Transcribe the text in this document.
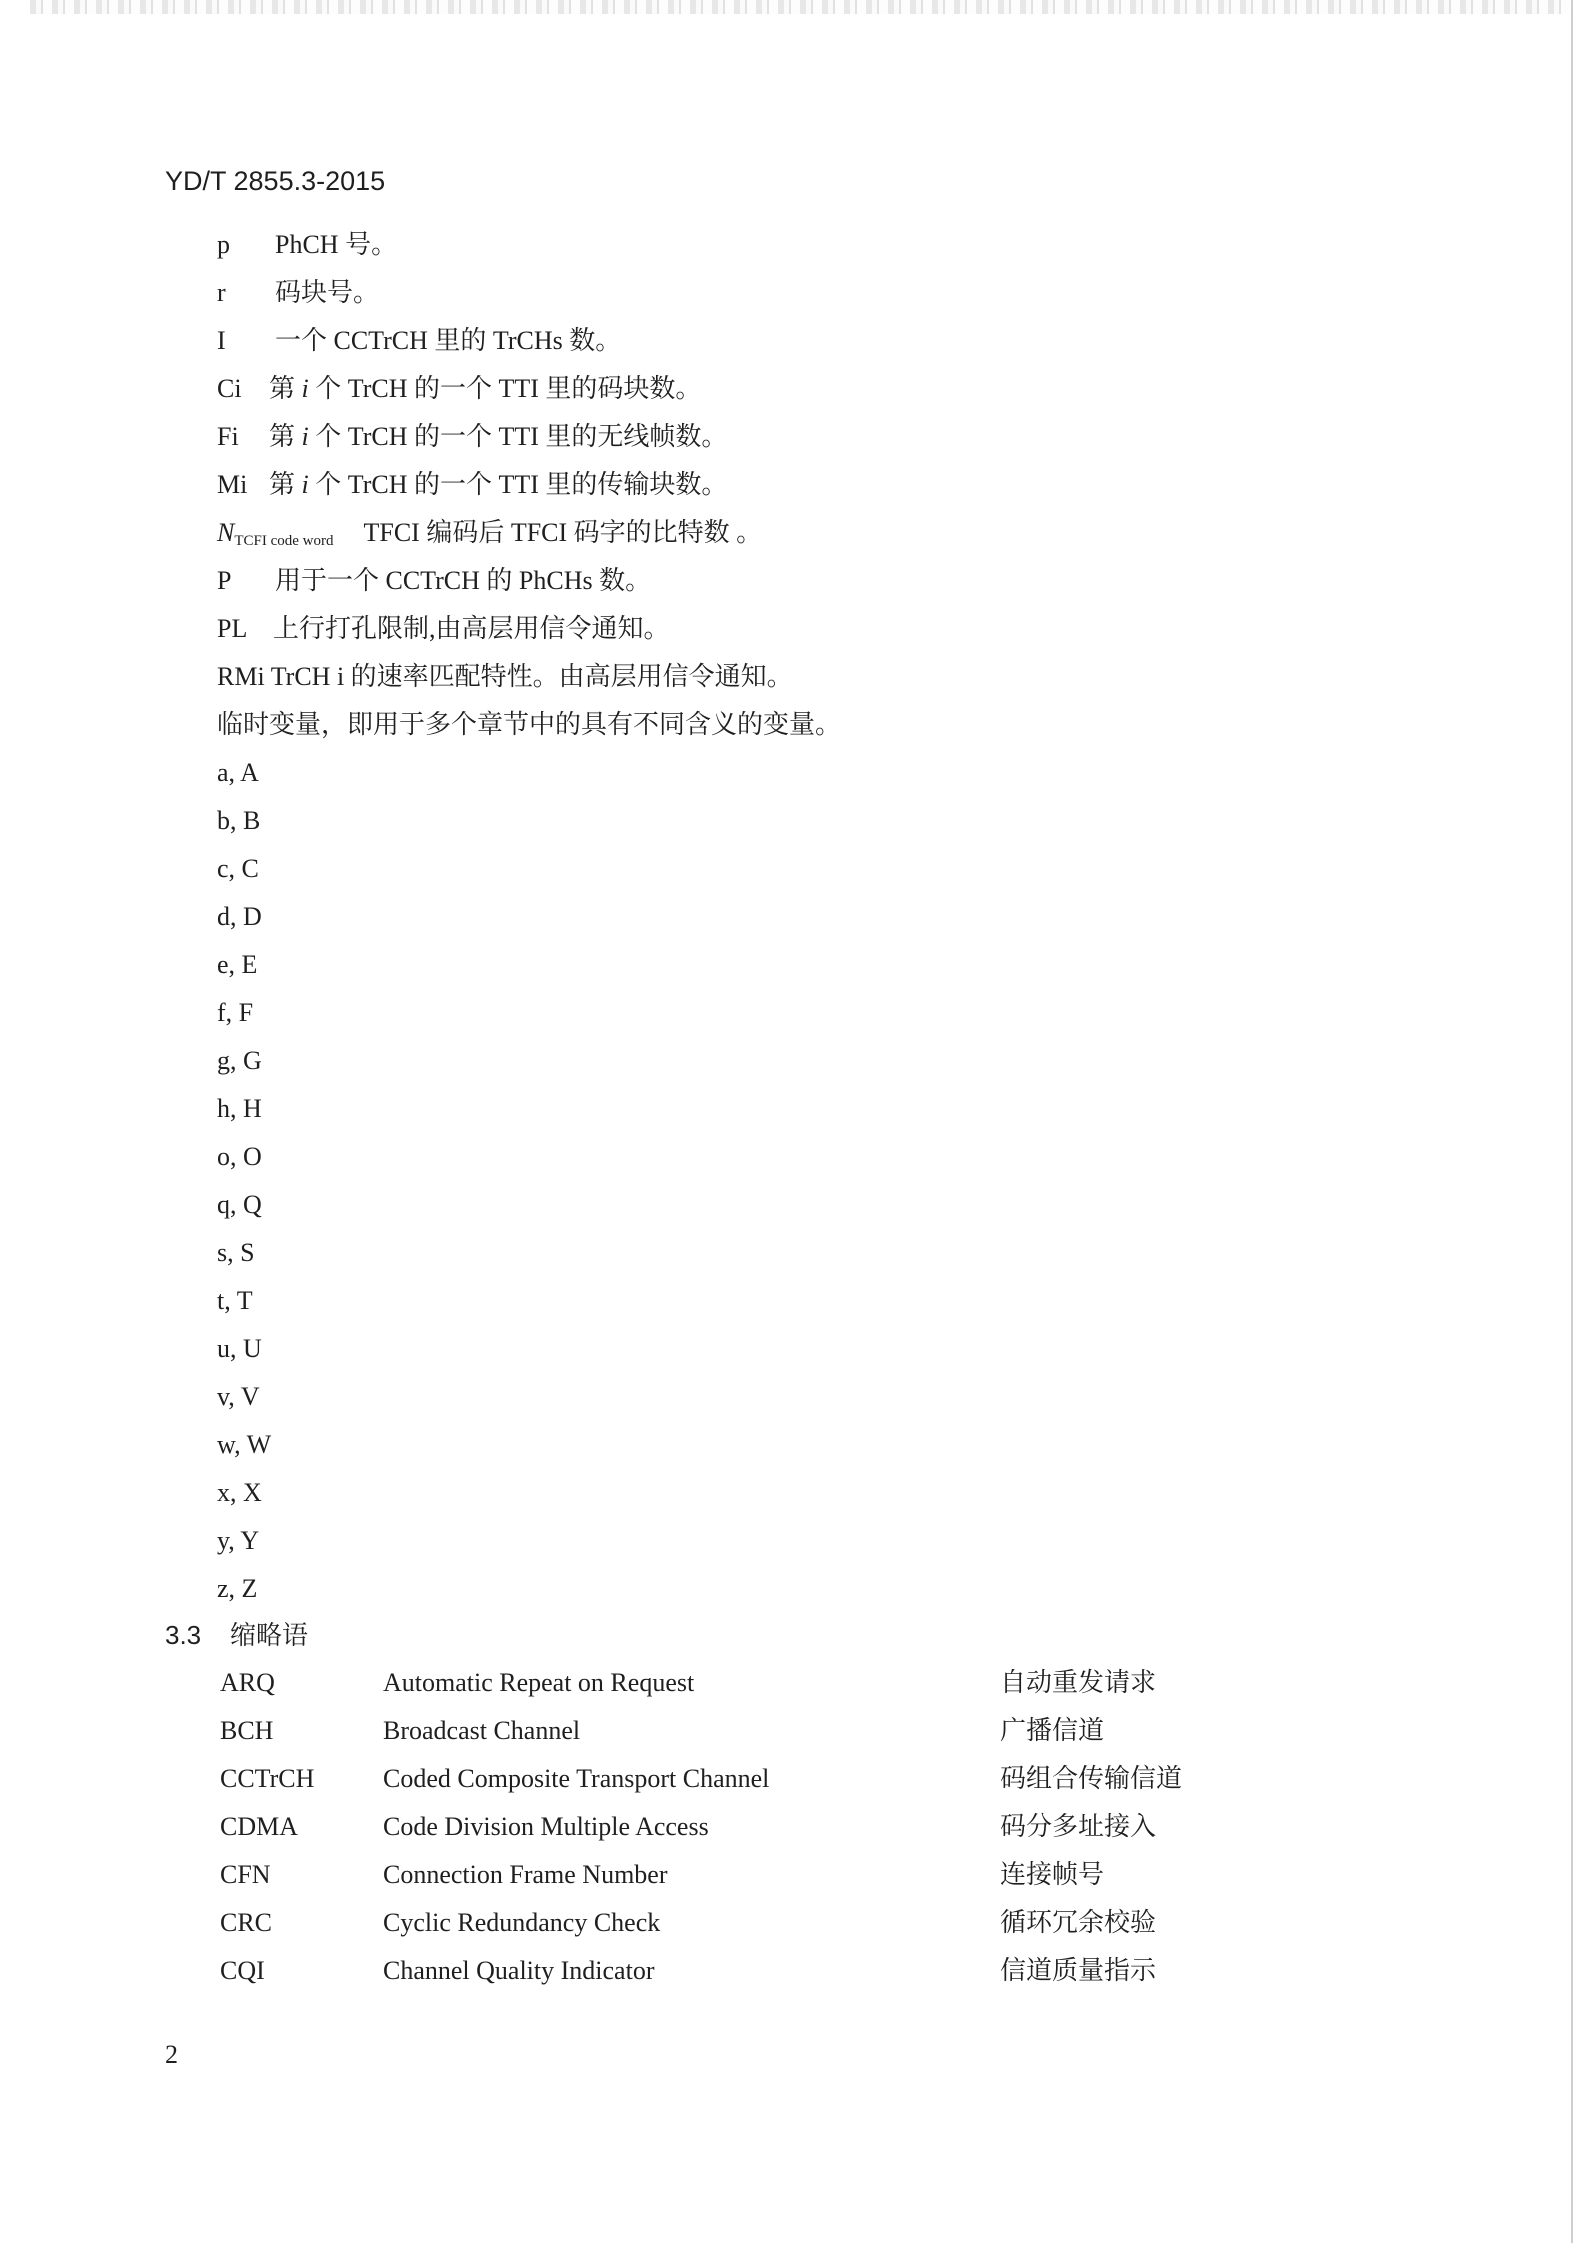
YD/T 2855.3-2015
p PhCH 号。
r 码块号。
I 一个 CCTrCH 里的 TrCHs 数。
Ci 第 i 个 TrCH 的一个 TTI 里的码块数。
Fi 第 i 个 TrCH 的一个 TTI 里的无线帧数。
Mi 第 i 个 TrCH 的一个 TTI 里的传输块数。
$N_{TCFI code word}$ TFCI 编码后 TFCI 码字的比特数 。
P 用于一个 CCTrCH 的 PhCHs 数。
PL 上行打孔限制,由高层用信令通知。
RMi TrCH i 的速率匹配特性。由高层用信令通知。
临时变量，即用于多个章节中的具有不同含义的变量。
a, A
b, B
c, C
d, D
e, E
f, F
g, G
h, H
o, O
q, Q
s, S
t, T
u, U
v, V
w, W
x, X
y, Y
z, Z
3.3 缩略语
ARQ	Automatic Repeat on Request	自动重发请求
BCH	Broadcast Channel	广播信道
CCTrCH	Coded Composite Transport Channel	码组合传输信道
CDMA	Code Division Multiple Access	码分多址接入
CFN	Connection Frame Number	连接帧号
CRC	Cyclic Redundancy Check	循环冗余校验
CQI	Channel Quality Indicator	信道质量指示
2
